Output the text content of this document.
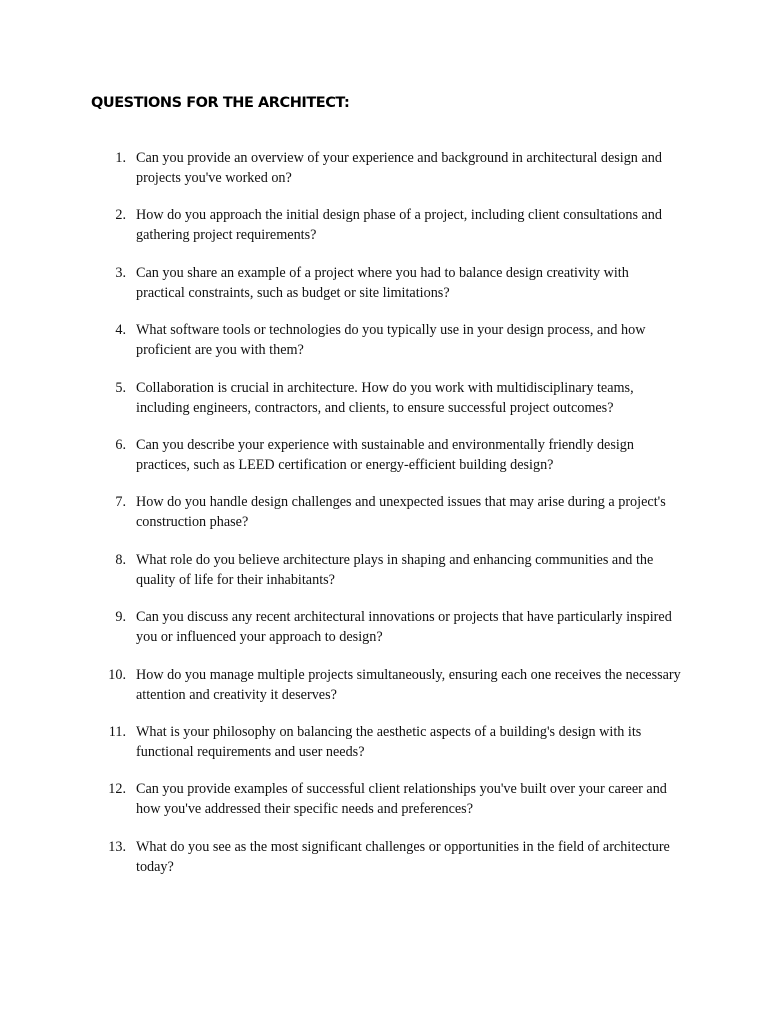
QUESTIONS FOR THE ARCHITECT:
1. Can you provide an overview of your experience and background in architectural design and projects you've worked on?

2. How do you approach the initial design phase of a project, including client consultations and gathering project requirements?

3. Can you share an example of a project where you had to balance design creativity with practical constraints, such as budget or site limitations?

4. What software tools or technologies do you typically use in your design process, and how proficient are you with them?

5. Collaboration is crucial in architecture. How do you work with multidisciplinary teams, including engineers, contractors, and clients, to ensure successful project outcomes?

6. Can you describe your experience with sustainable and environmentally friendly design practices, such as LEED certification or energy-efficient building design?

7. How do you handle design challenges and unexpected issues that may arise during a project's construction phase?

8. What role do you believe architecture plays in shaping and enhancing communities and the quality of life for their inhabitants?

9. Can you discuss any recent architectural innovations or projects that have particularly inspired you or influenced your approach to design?

10. How do you manage multiple projects simultaneously, ensuring each one receives the necessary attention and creativity it deserves?

11. What is your philosophy on balancing the aesthetic aspects of a building's design with its functional requirements and user needs?

12. Can you provide examples of successful client relationships you've built over your career and how you've addressed their specific needs and preferences?

13. What do you see as the most significant challenges or opportunities in the field of architecture today?
